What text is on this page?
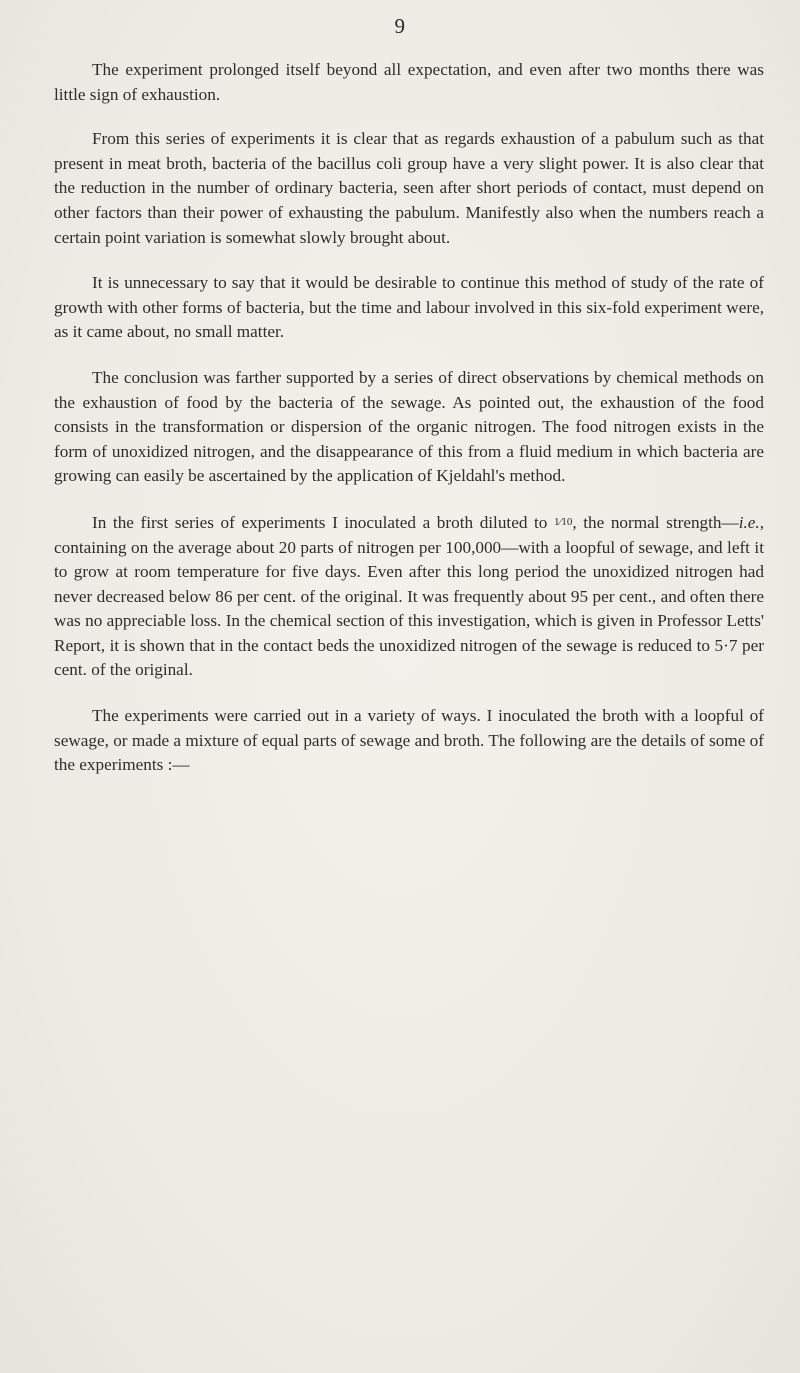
9

The experiment prolonged itself beyond all expectation, and even after two months there was little sign of exhaustion.

From this series of experiments it is clear that as regards exhaustion of a pabulum such as that present in meat broth, bacteria of the bacillus coli group have a very slight power. It is also clear that the reduction in the number of ordinary bacteria, seen after short periods of contact, must depend on other factors than their power of exhausting the pabulum. Manifestly also when the numbers reach a certain point variation is somewhat slowly brought about.

It is unnecessary to say that it would be desirable to continue this method of study of the rate of growth with other forms of bacteria, but the time and labour involved in this six-fold experiment were, as it came about, no small matter.

The conclusion was farther supported by a series of direct observations by chemical methods on the exhaustion of food by the bacteria of the sewage. As pointed out, the exhaustion of the food consists in the transformation or dispersion of the organic nitrogen. The food nitrogen exists in the form of unoxidized nitrogen, and the disappearance of this from a fluid medium in which bacteria are growing can easily be ascertained by the application of Kjeldahl's method.

In the first series of experiments I inoculated a broth diluted to 1⁄10, the normal strength—i.e., containing on the average about 20 parts of nitrogen per 100,000—with a loopful of sewage, and left it to grow at room temperature for five days. Even after this long period the unoxidized nitrogen had never decreased below 86 per cent. of the original. It was frequently about 95 per cent., and often there was no appreciable loss. In the chemical section of this investigation, which is given in Professor Letts' Report, it is shown that in the contact beds the unoxidized nitrogen of the sewage is reduced to 5·7 per cent. of the original.

The experiments were carried out in a variety of ways. I inoculated the broth with a loopful of sewage, or made a mixture of equal parts of sewage and broth. The following are the details of some of the experiments :—
